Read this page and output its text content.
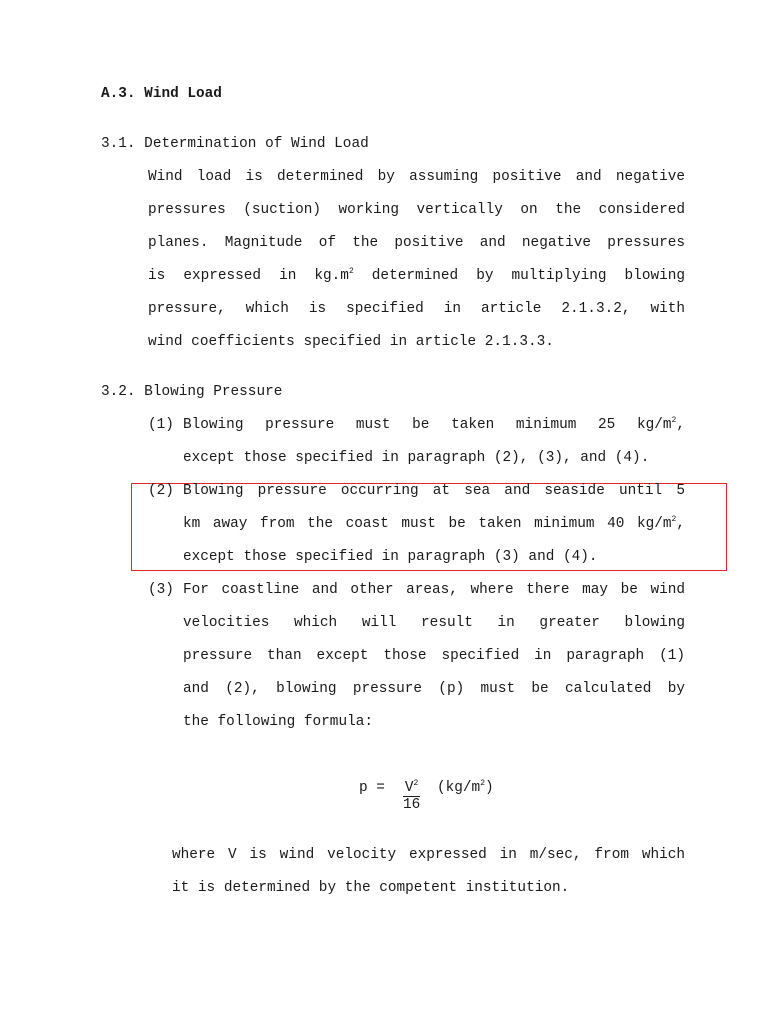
A.3. Wind Load
3.1. Determination of Wind Load
Wind load is determined by assuming positive and negative
pressures (suction) working vertically on the considered
planes. Magnitude of the positive and negative pressures
is expressed in $kg.m^2$ determined by multiplying blowing
pressure, which is specified in article 2.1.3.2, with
wind coefficients specified in article 2.1.3.3.
3.2. Blowing Pressure
(1) Blowing pressure must be taken minimum 25 $kg/m^2$,
except those specified in paragraph (2), (3), and (4).
(2) Blowing pressure occurring at sea and seaside until 5
km away from the coast must be taken minimum 40 $kg/m^2$,
except those specified in paragraph (3) and (4).
(3) For coastline and other areas, where there may be wind
velocities which will result in greater blowing
pressure than except those specified in paragraph (1)
and (2), blowing pressure (p) must be calculated by
the following formula:
$p = \frac{V^2}{16} (kg/m^2)$
where V is wind velocity expressed in m/sec, from which
it is determined by the competent institution.
